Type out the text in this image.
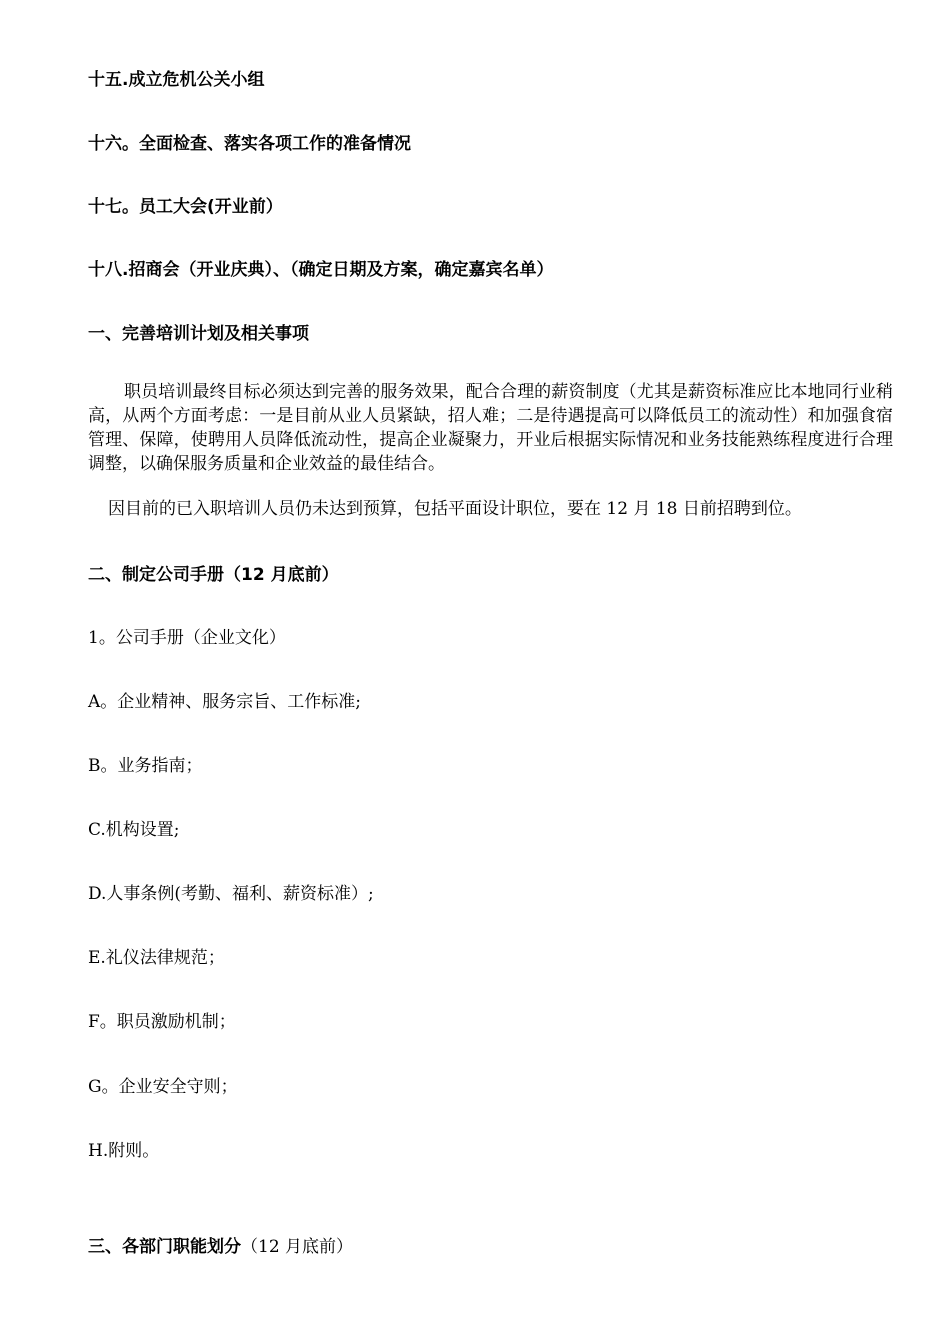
十五.成立危机公关小组
十六。全面检查、落实各项工作的准备情况
十七。员工大会(开业前）
十八.招商会（开业庆典）、（确定日期及方案，确定嘉宾名单）
一、完善培训计划及相关事项
职员培训最终目标必须达到完善的服务效果，配合合理的薪资制度（尤其是薪资标准应比本地同行业稍高，从两个方面考虑：一是目前从业人员紧缺，招人难；二是待遇提高可以降低员工的流动性）和加强食宿管理、保障，使聘用人员降低流动性，提高企业凝聚力，开业后根据实际情况和业务技能熟练程度进行合理调整，以确保服务质量和企业效益的最佳结合。
因目前的已入职培训人员仍未达到预算，包括平面设计职位，要在 12 月 18 日前招聘到位。
二、制定公司手册（12 月底前）
1。公司手册（企业文化）
A。企业精神、服务宗旨、工作标准;
B。业务指南；
C.机构设置;
D.人事条例(考勤、福利、薪资标准）;
E.礼仪法律规范；
F。职员激励机制；
G。企业安全守则；
H.附则。
三、各部门职能划分（12 月底前）
